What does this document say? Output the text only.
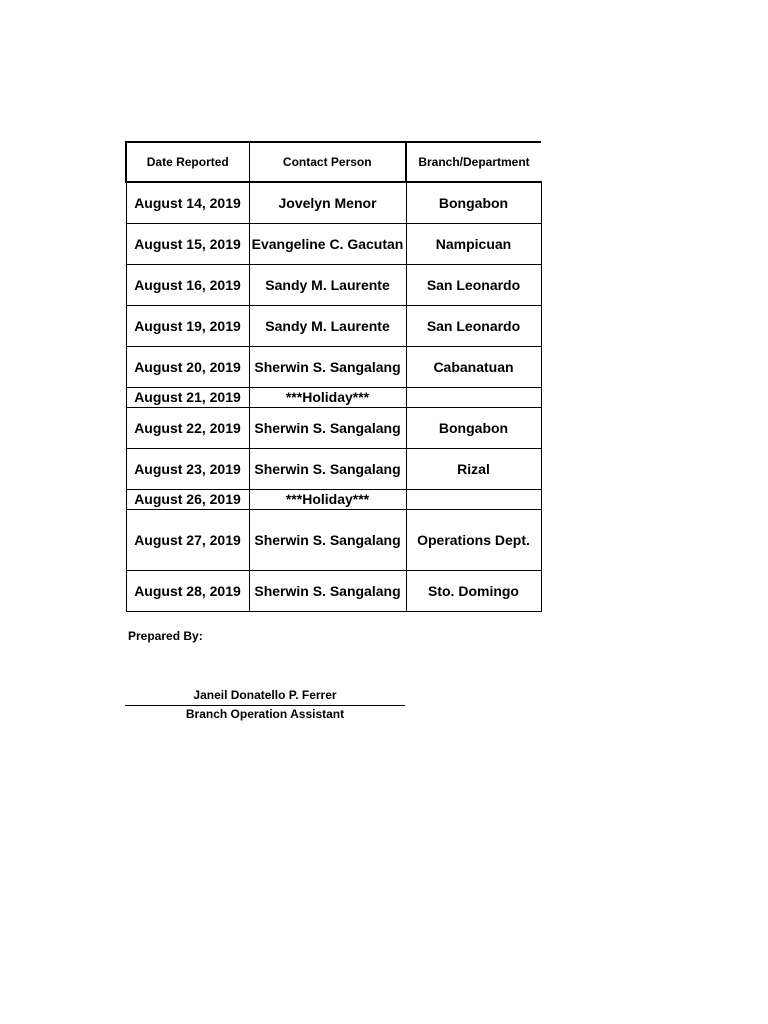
Date Reported	Contact Person	Branch/Department
August 14, 2019	Jovelyn Menor	Bongabon
August 15, 2019	Evangeline C. Gacutan	Nampicuan
August 16, 2019	Sandy M. Laurente	San Leonardo
August 19, 2019	Sandy M. Laurente	San Leonardo
August 20, 2019	Sherwin S. Sangalang	Cabanatuan
August 21, 2019	***Holiday***	
August 22, 2019	Sherwin S. Sangalang	Bongabon
August 23, 2019	Sherwin S. Sangalang	Rizal
August 26, 2019	***Holiday***	
August 27, 2019	Sherwin S. Sangalang	Operations Dept.
August 28, 2019	Sherwin S. Sangalang	Sto. Domingo
Prepared By:
Janeil Donatello P. Ferrer
Branch Operation Assistant
